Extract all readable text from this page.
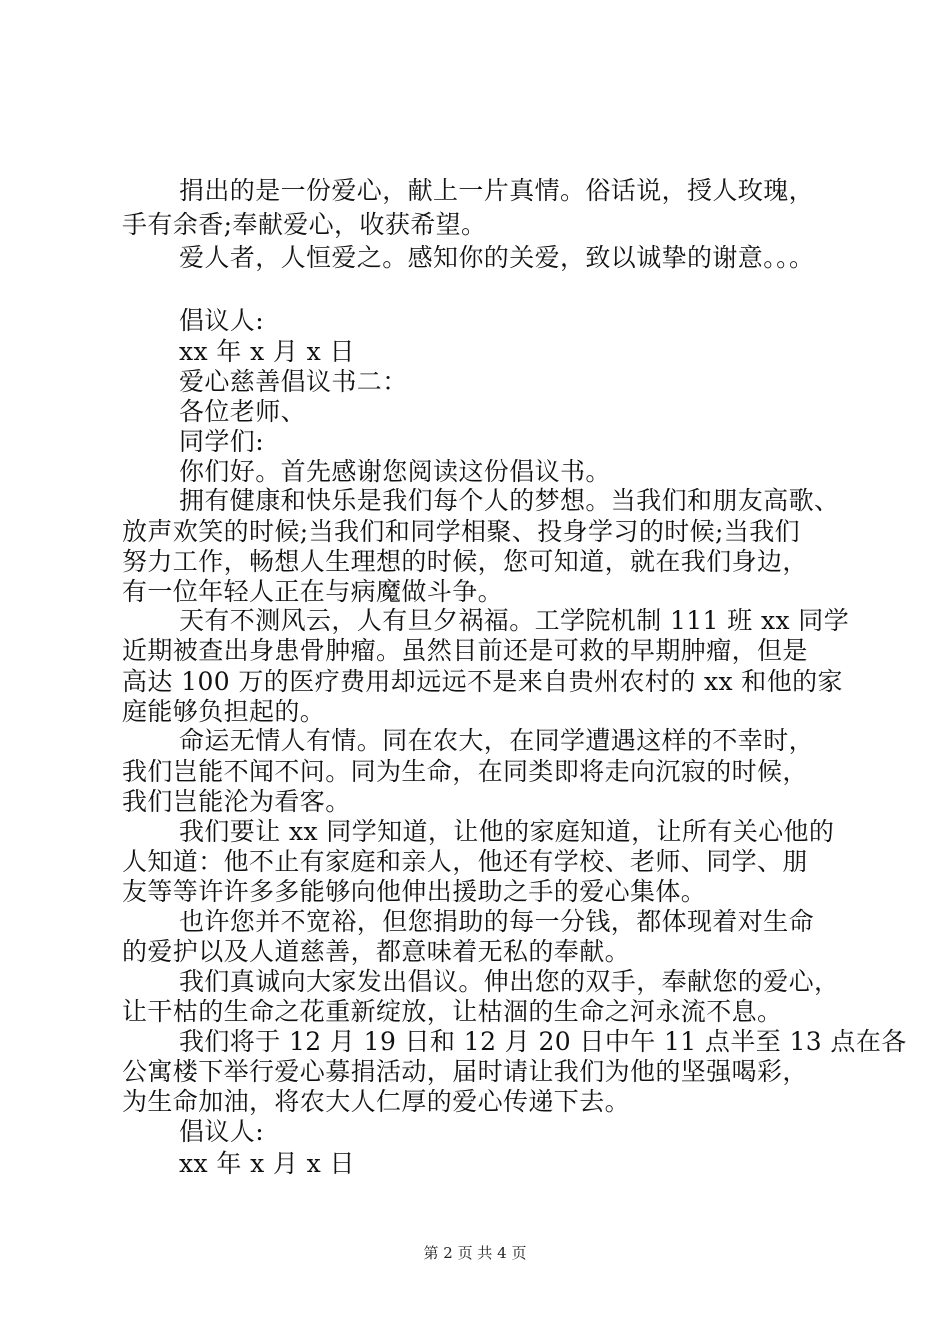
捐出的是一份爱心，献上一片真情。俗话说，授人玫瑰，

手有余香;奉献爱心，收获希望。

爱人者，人恒爱之。感知你的关爱，致以诚挚的谢意。。。

倡议人:

xx 年 x 月 x 日

爱心慈善倡议书二：

各位老师、

同学们:

你们好。首先感谢您阅读这份倡议书。

拥有健康和快乐是我们每个人的梦想。当我们和朋友高歌、

放声欢笑的时候;当我们和同学相聚、投身学习的时候;当我们

努力工作，畅想人生理想的时候，您可知道，就在我们身边，

有一位年轻人正在与病魔做斗争。

天有不测风云，人有旦夕祸福。工学院机制 111 班 xx 同学

近期被查出身患骨肿瘤。虽然目前还是可救的早期肿瘤，但是

高达 100 万的医疗费用却远远不是来自贵州农村的 xx 和他的家

庭能够负担起的。

命运无情人有情。同在农大，在同学遭遇这样的不幸时，

我们岂能不闻不问。同为生命，在同类即将走向沉寂的时候，

我们岂能沦为看客。

我们要让 xx 同学知道，让他的家庭知道，让所有关心他的

人知道：他不止有家庭和亲人，他还有学校、老师、同学、朋

友等等许许多多能够向他伸出援助之手的爱心集体。

也许您并不宽裕，但您捐助的每一分钱，都体现着对生命

的爱护以及人道慈善，都意味着无私的奉献。

我们真诚向大家发出倡议。伸出您的双手，奉献您的爱心，

让干枯的生命之花重新绽放，让枯涸的生命之河永流不息。

我们将于 12 月 19 日和 12 月 20 日中午 11 点半至 13 点在各

公寓楼下举行爱心募捐活动，届时请让我们为他的坚强喝彩，

为生命加油，将农大人仁厚的爱心传递下去。

倡议人:

xx 年 x 月 x 日

第 2 页 共 4 页
